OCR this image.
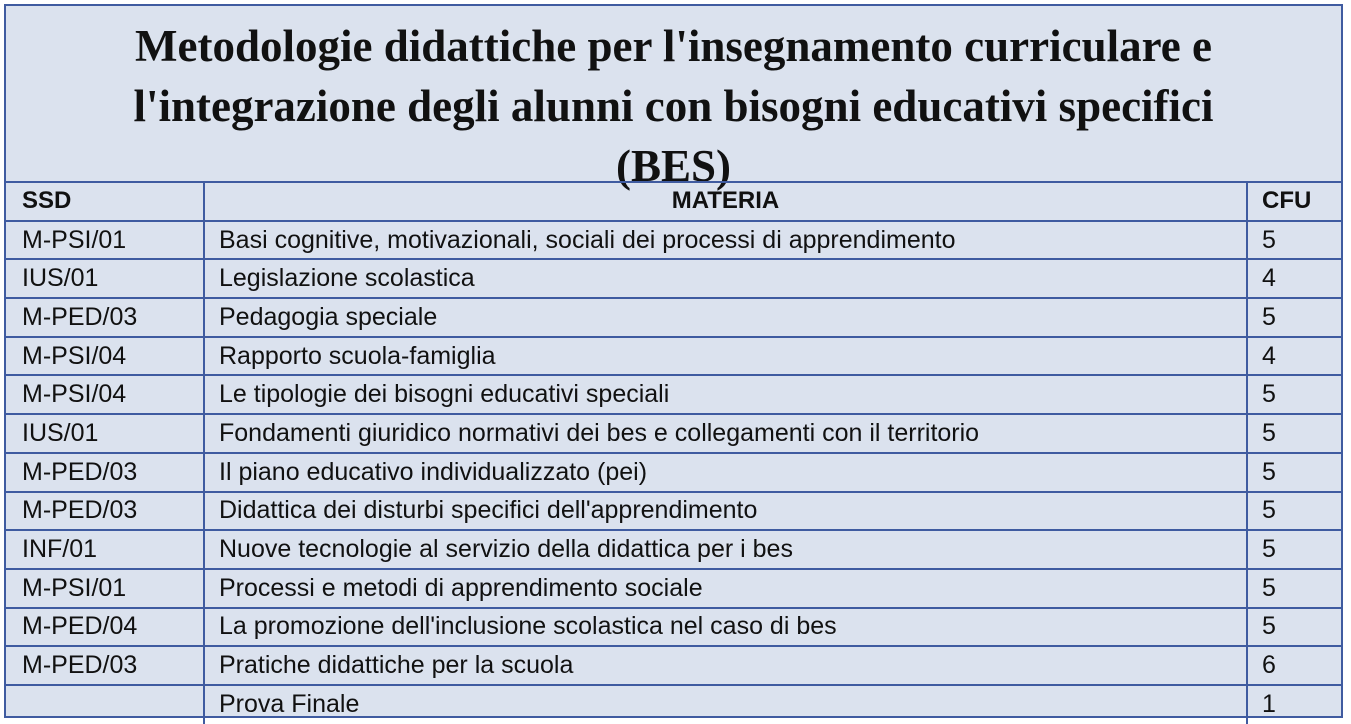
Metodologie didattiche per l'insegnamento curriculare e
l'integrazione degli alunni con bisogni educativi specifici
(BES)
SSD	MATERIA	CFU
M-PSI/01	Basi cognitive, motivazionali, sociali dei processi di apprendimento	5
IUS/01	Legislazione scolastica	4
M-PED/03	Pedagogia speciale	5
M-PSI/04	Rapporto scuola-famiglia	4
M-PSI/04	Le tipologie dei bisogni educativi speciali	5
IUS/01	Fondamenti giuridico normativi dei bes e collegamenti con il territorio	5
M-PED/03	Il piano educativo individualizzato (pei)	5
M-PED/03	Didattica dei disturbi specifici dell'apprendimento	5
INF/01	Nuove tecnologie al servizio della didattica per i bes	5
M-PSI/01	Processi e metodi di apprendimento sociale	5
M-PED/04	La promozione dell'inclusione scolastica nel caso di bes	5
M-PED/03	Pratiche didattiche per la scuola	6
	Prova Finale	1
